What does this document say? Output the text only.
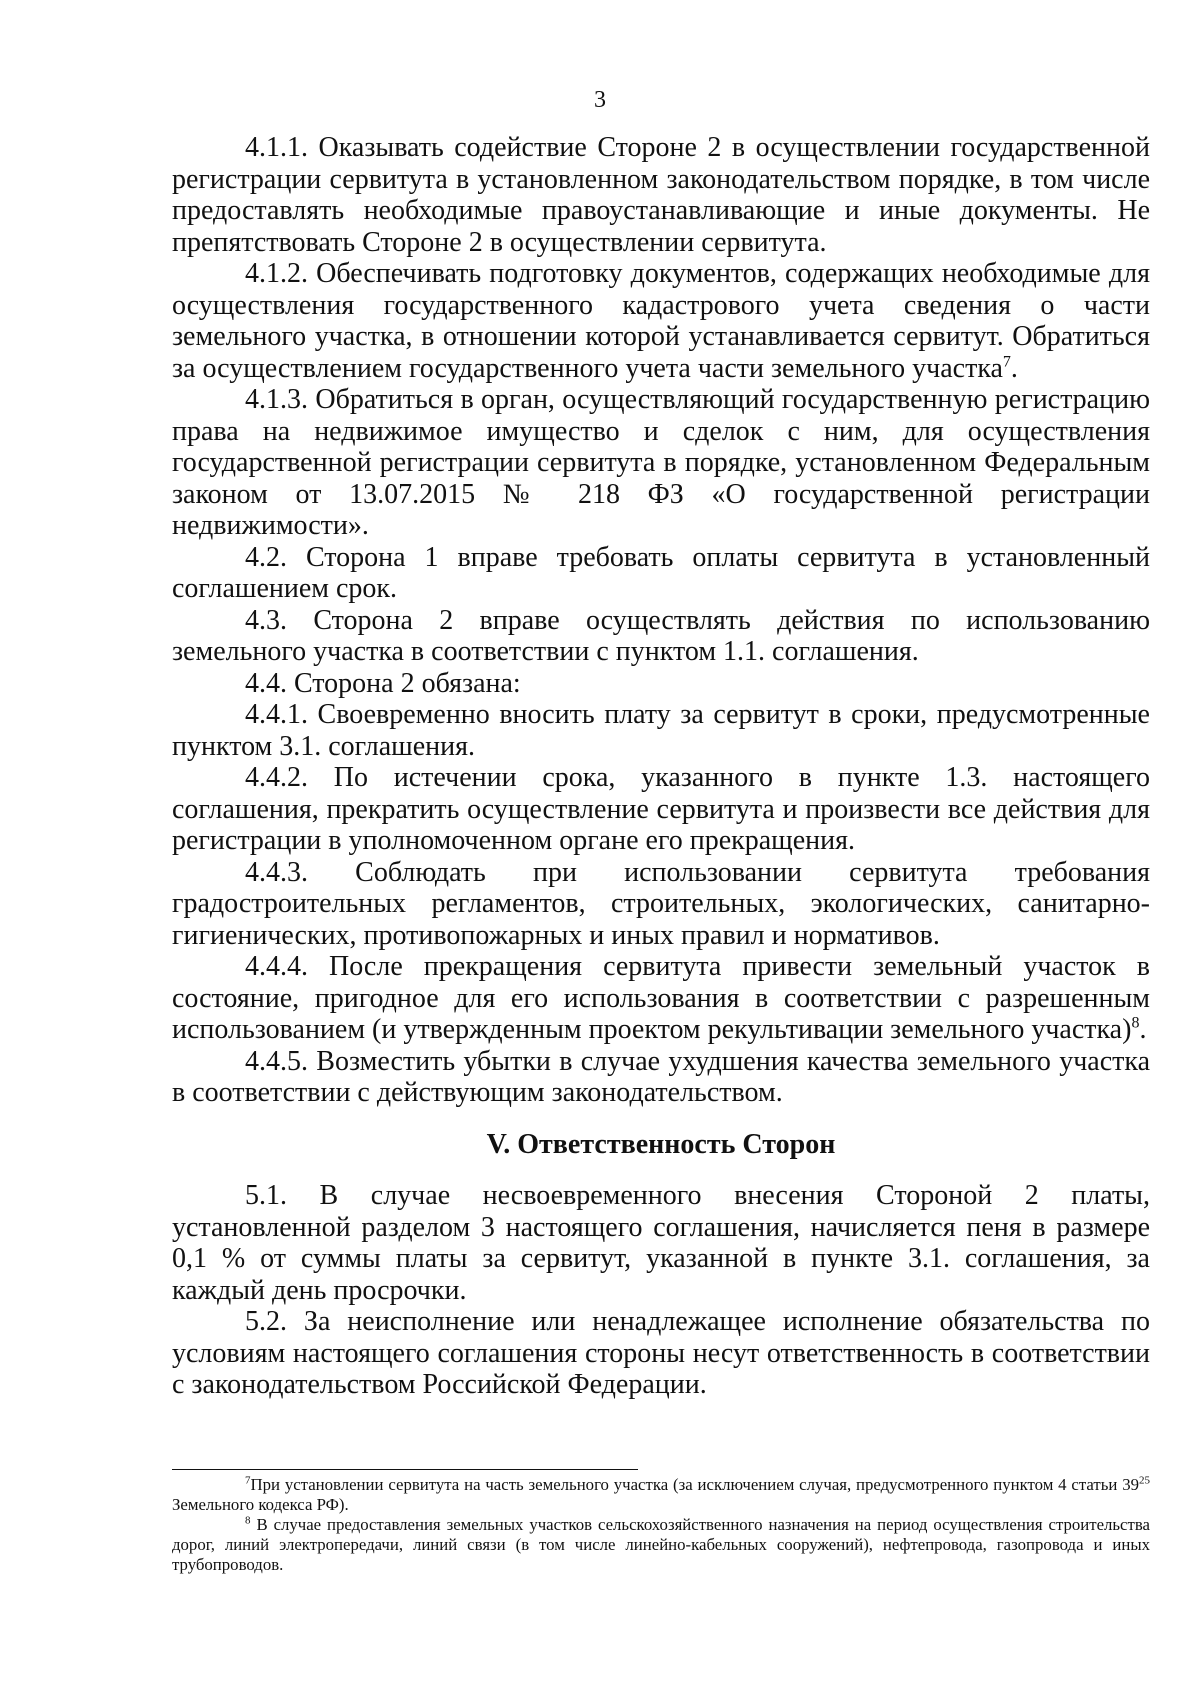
3

4.1.1. Оказывать содействие Стороне 2 в осуществлении государственной регистрации сервитута в установленном законодательством порядке, в том числе предоставлять необходимые правоустанавливающие и иные документы. Не препятствовать Стороне 2 в осуществлении сервитута.

4.1.2. Обеспечивать подготовку документов, содержащих необходимые для осуществления государственного кадастрового учета сведения о части земельного участка, в отношении которой устанавливается сервитут. Обратиться за осуществлением государственного учета части земельного участка$^7$.

4.1.3. Обратиться в орган, осуществляющий государственную регистрацию права на недвижимое имущество и сделок с ним, для осуществления государственной регистрации сервитута в порядке, установленном Федеральным законом от 13.07.2015 № 218 ФЗ «О государственной регистрации недвижимости».

4.2. Сторона 1 вправе требовать оплаты сервитута в установленный соглашением срок.

4.3. Сторона 2 вправе осуществлять действия по использованию земельного участка в соответствии с пунктом 1.1. соглашения.

4.4. Сторона 2 обязана:

4.4.1. Своевременно вносить плату за сервитут в сроки, предусмотренные пунктом 3.1. соглашения.

4.4.2. По истечении срока, указанного в пункте 1.3. настоящего соглашения, прекратить осуществление сервитута и произвести все действия для регистрации в уполномоченном органе его прекращения.

4.4.3. Соблюдать при использовании сервитута требования градостроительных регламентов, строительных, экологических, санитарно-гигиенических, противопожарных и иных правил и нормативов.

4.4.4. После прекращения сервитута привести земельный участок в состояние, пригодное для его использования в соответствии с разрешенным использованием (и утвержденным проектом рекультивации земельного участка)$^8$.

4.4.5. Возместить убытки в случае ухудшения качества земельного участка в соответствии с действующим законодательством.

V. Ответственность Сторон

5.1. В случае несвоевременного внесения Стороной 2 платы, установленной разделом 3 настоящего соглашения, начисляется пеня в размере 0,1 % от суммы платы за сервитут, указанной в пункте 3.1. соглашения, за каждый день просрочки.

5.2. За неисполнение или ненадлежащее исполнение обязательства по условиям настоящего соглашения стороны несут ответственность в соответствии с законодательством Российской Федерации.

$^7$При установлении сервитута на часть земельного участка (за исключением случая, предусмотренного пунктом 4 статьи $39^{25}$ Земельного кодекса РФ).

$^8$ В случае предоставления земельных участков сельскохозяйственного назначения на период осуществления строительства дорог, линий электропередачи, линий связи (в том числе линейно-кабельных сооружений), нефтепровода, газопровода и иных трубопроводов.
